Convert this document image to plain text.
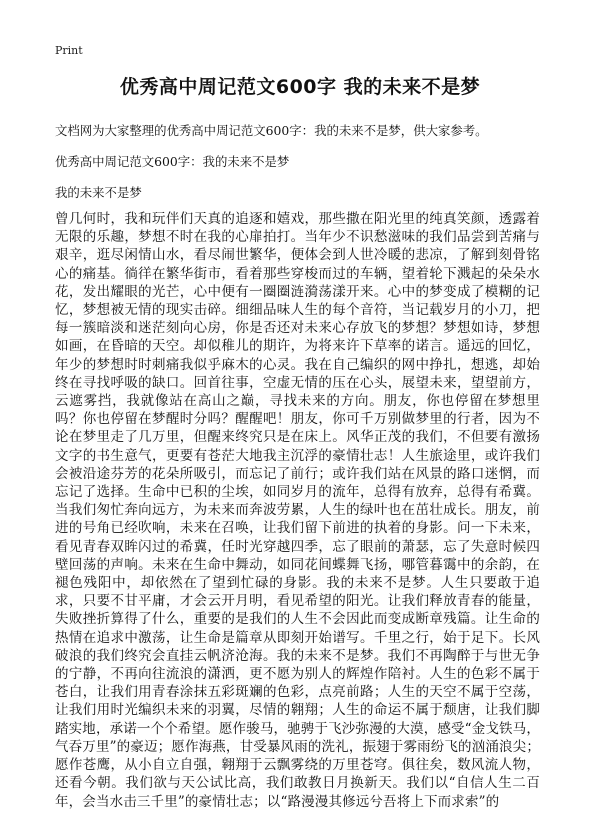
Print
优秀高中周记范文600字 我的未来不是梦
文档网为大家整理的优秀高中周记范文600字：我的未来不是梦，供大家参考。
优秀高中周记范文600字：我的未来不是梦
我的未来不是梦
曾几何时，我和玩伴们天真的追逐和嬉戏，那些撒在阳光里的纯真笑颜，透露着无限的乐趣，梦想不时在我的心扉拍打。当年少不识愁滋味的我们品尝到苦痛与艰辛，逛尽闲情山水，看尽闹世繁华，便体会到人世冷暖的悲凉，了解到刻骨铭心的痛基。徜徉在繁华街市，看着那些穿梭而过的车辆，望着轮下溅起的朵朵水花，发出耀眼的光芒，心中便有一圈圈涟漪荡漾开来。心中的梦变成了模糊的记忆，梦想被无情的现实击碎。细细品味人生的每个音符，当记载岁月的小刀，把每一簇暗淡和迷茫刻向心房，你是否还对未来心存放飞的梦想？梦想如诗，梦想如画，在昏暗的天空。却似稚儿的期许，为将来许下草率的诺言。遥远的回忆，年少的梦想时时刺痛我似乎麻木的心灵。我在自己编织的网中挣扎，想逃，却始终在寻找呼吸的缺口。回首往事，空虚无情的压在心头，展望未来，望望前方，云遮雾挡，我就像站在高山之巅，寻找未来的方向。朋友，你也停留在梦想里吗？你也停留在梦醒时分吗？醒醒吧！朋友，你可千万别做梦里的行者，因为不论在梦里走了几万里，但醒来终究只是在床上。风华正茂的我们，不但要有激扬文字的书生意气，更要有苍茫大地我主沉浮的豪情壮志！人生旅途里，或许我们会被沿途芬芳的花朵所吸引，而忘记了前行；或许我们站在风景的路口迷惘，而忘记了选择。生命中已积的尘埃，如同岁月的流年，总得有放弃，总得有希冀。当我们匆忙奔向远方，为未来而奔波劳累，人生的绿叶也在茁壮成长。朋友，前进的号角已经吹响，未来在召唤，让我们留下前进的执着的身影。问一下未来，看见青春双眸闪过的希冀，任时光穿越四季，忘了眼前的萧瑟，忘了失意时候四壁回荡的声响。未来在生命中舞动，如同花间蝶舞飞扬，哪管暮霭中的余韵，在褪色残阳中，却依然在了望到忙碌的身影。我的未来不是梦。人生只要敢于追求，只要不甘平庸，才会云开月明，看见希望的阳光。让我们释放青春的能量，失败挫折算得了什么，重要的是我们的人生不会因此而变成断章残篇。让生命的热情在追求中激荡，让生命是篇章从即刻开始谱写。千里之行，始于足下。长风破浪的我们终究会直挂云帆济沧海。我的未来不是梦。我们不再陶醉于与世无争的宁静，不再向往流浪的潇洒，更不愿为别人的辉煌作陪衬。人生的色彩不属于苍白，让我们用青春涂抹五彩斑斓的色彩，点亮前路；人生的天空不属于空荡，让我们用时光编织未来的羽翼，尽情的翱翔；人生的命运不属于颓唐，让我们脚踏实地，承诺一个个希望。愿作骏马，驰骋于飞沙弥漫的大漠，感受“金戈铁马，气吞万里”的豪迈；愿作海燕，甘受暴风雨的洗礼，振翅于雾雨纷飞的汹涌浪尖；愿作苍鹰，从小自立自强，翱翔于云飘雾绕的万里苍穹。俱往矣，数风流人物，还看今朝。我们欲与天公试比高，我们敢教日月换新天。我们以“自信人生二百年，会当水击三千里”的豪情壮志；以“路漫漫其修远兮吾将上下而求索”的
